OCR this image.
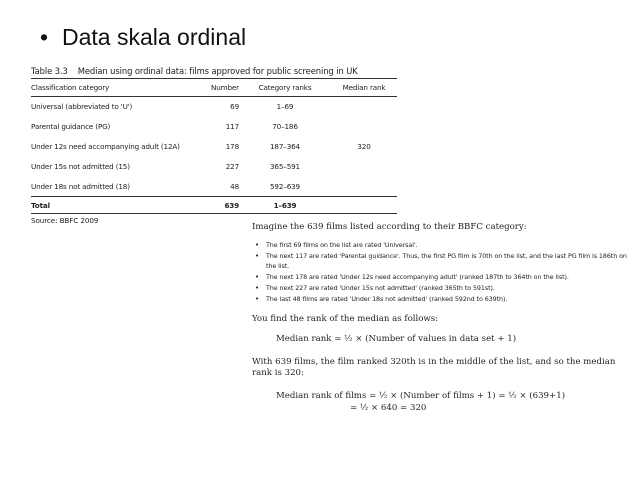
• Data skala ordinal
Table 3.3 Median using ordinal data: films approved for public screening in UK
Classification category	Number	Category ranks	Median rank
Universal (abbreviated to 'U')	69	1–69	
Parental guidance (PG)	117	70–186	
Under 12s need accompanying adult (12A)	178	187–364	320
Under 15s not admitted (15)	227	365–591	
Under 18s not admitted (18)	48	592–639	
Total	639	1–639	
Source: BBFC 2009

Imagine the 639 films listed according to their BBFC category:

• The first 69 films on the list are rated 'Universal'.
• The next 117 are rated 'Parental guidance'. Thus, the first PG film is 70th on the list, and the last PG film is 186th on the list.
• The next 178 are rated 'Under 12s need accompanying adult' (ranked 187th to 364th on the list).
• The next 227 are rated 'Under 15s not admitted' (ranked 365th to 591st).
• The last 48 films are rated 'Under 18s not admitted' (ranked 592nd to 639th).

You find the rank of the median as follows:

Median rank = ½ × (Number of values in data set + 1)

With 639 films, the film ranked 320th is in the middle of the list, and so the median rank is 320:

Median rank of films = ½ × (Number of films + 1) = ½ × (639+1)
= ½ × 640 = 320
